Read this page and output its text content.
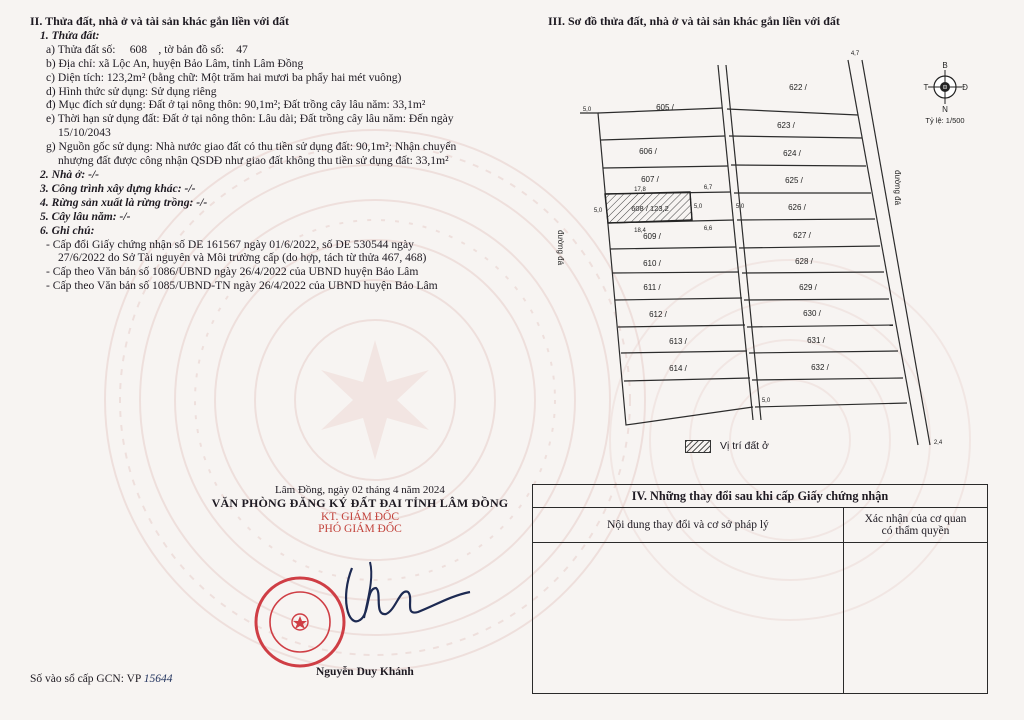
II. Thửa đất, nhà ở và tài sản khác gắn liền với đất
1. Thửa đất:
a) Thửa đất số: 608 , tờ bản đồ số: 47
b) Địa chỉ: xã Lộc An, huyện Bảo Lâm, tỉnh Lâm Đồng
c) Diện tích: 123,2m² (bằng chữ: Một trăm hai mươi ba phẩy hai mét vuông)
d) Hình thức sử dụng: Sử dụng riêng
đ) Mục đích sử dụng: Đất ở tại nông thôn: 90,1m²; Đất trồng cây lâu năm: 33,1m²
e) Thời hạn sử dụng đất: Đất ở tại nông thôn: Lâu dài; Đất trồng cây lâu năm: Đến ngày
15/10/2043
g) Nguồn gốc sử dụng: Nhà nước giao đất có thu tiền sử dụng đất: 90,1m²; Nhận chuyển
nhượng đất được công nhận QSDĐ như giao đất không thu tiền sử dụng đất: 33,1m²
2. Nhà ở: -/-
3. Công trình xây dựng khác: -/-
4. Rừng sản xuất là rừng trồng: -/-
5. Cây lâu năm: -/-
6. Ghi chú:
- Cấp đổi Giấy chứng nhận số DE 161567 ngày 01/6/2022, số DE 530544 ngày
27/6/2022 do Sở Tài nguyên và Môi trường cấp (do hợp, tách từ thửa 467, 468)
- Cấp theo Văn bản số 1086/UBND ngày 26/4/2022 của UBND huyện Bảo Lâm
- Cấp theo Văn bản số 1085/UBND-TN ngày 26/4/2022 của UBND huyện Bảo Lâm
III. Sơ đồ thửa đất, nhà ở và tài sản khác gắn liền với đất
B
T	Đ
N
Tỷ lệ: 1/500
đường đá
đường đá
605 /
606 /
607 /
608 / 123,2
609 /
610 /
611 /
612 /
613 /
614 /
622 /
623 /
624 /
625 /
626 /
627 /
628 /
629 /
630 /
631 /
632 /
5,0
4,7
17,8	6,7
18,4	6,6
5,0
5,0	5,0
5,0
2,4
Vị trí đất ở
Lâm Đồng, ngày 02 tháng 4 năm 2024
VĂN PHÒNG ĐĂNG KÝ ĐẤT ĐAI TỈNH LÂM ĐỒNG
KT. GIÁM ĐỐC
PHÓ GIÁM ĐỐC
Nguyễn Duy Khánh
Số vào sổ cấp GCN: VP 15644
IV. Những thay đổi sau khi cấp Giấy chứng nhận	
Nội dung thay đổi và cơ sở pháp lý	Xác nhận của cơ quan
có thẩm quyền
